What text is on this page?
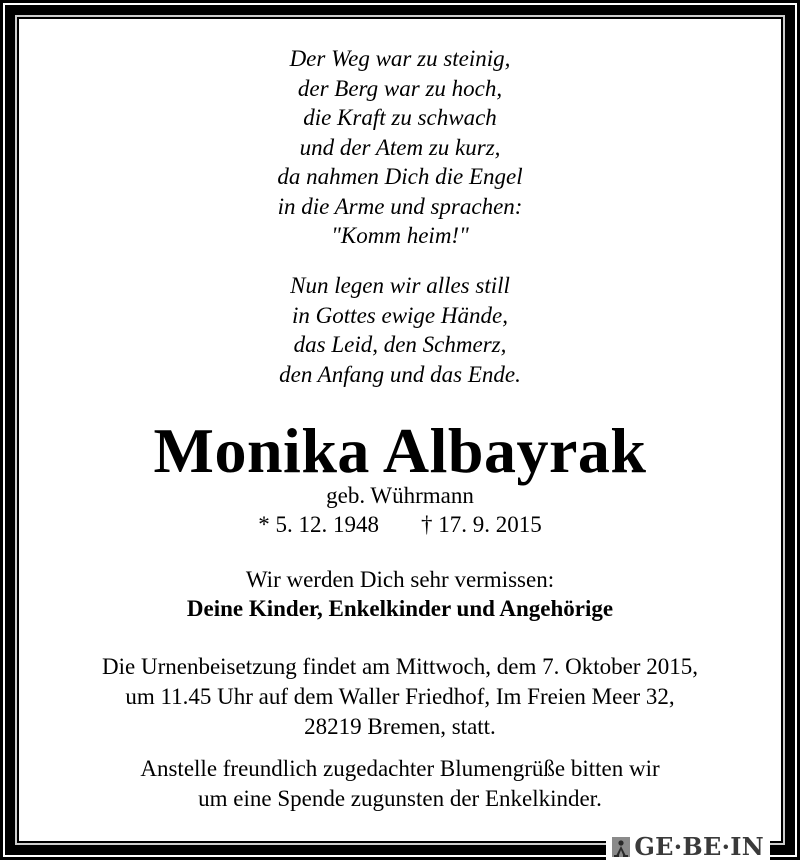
Der Weg war zu steinig,
der Berg war zu hoch,
die Kraft zu schwach
und der Atem zu kurz,
da nahmen Dich die Engel
in die Arme und sprachen:
"Komm heim!"
Nun legen wir alles still
in Gottes ewige Hände,
das Leid, den Schmerz,
den Anfang und das Ende.
Monika Albayrak
geb. Wührmann
* 5. 12. 1948 † 17. 9. 2015
Wir werden Dich sehr vermissen:
Deine Kinder, Enkelkinder und Angehörige
Die Urnenbeisetzung findet am Mittwoch, dem 7. Oktober 2015,
um 11.45 Uhr auf dem Waller Friedhof, Im Freien Meer 32,
28219 Bremen, statt.
Anstelle freundlich zugedachter Blumengrüße bitten wir
um eine Spende zugunsten der Enkelkinder.
GE·BE·IN
